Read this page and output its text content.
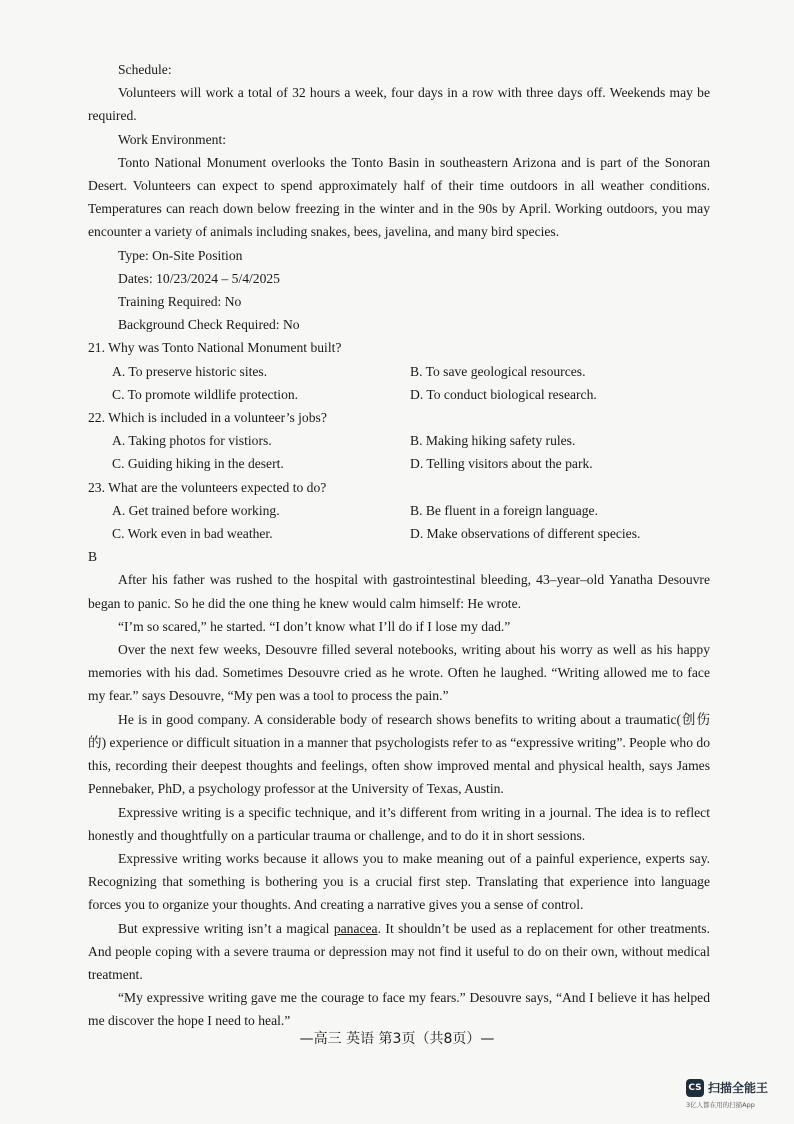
Schedule:

Volunteers will work a total of 32 hours a week, four days in a row with three days off. Weekends may be required.

Work Environment:

Tonto National Monument overlooks the Tonto Basin in southeastern Arizona and is part of the Sonoran Desert. Volunteers can expect to spend approximately half of their time outdoors in all weather conditions. Temperatures can reach down below freezing in the winter and in the 90s by April. Working outdoors, you may encounter a variety of animals including snakes, bees, javelina, and many bird species.

Type: On-Site Position

Dates: 10/23/2024 – 5/4/2025

Training Required: No

Background Check Required: No

21. Why was Tonto National Monument built?

A. To preserve historic sites.	B. To save geological resources.
C. To promote wildlife protection.	D. To conduct biological research.

22. Which is included in a volunteer’s jobs?

A. Taking photos for vistiors.	B. Making hiking safety rules.
C. Guiding hiking in the desert.	D. Telling visitors about the park.

23. What are the volunteers expected to do?

A. Get trained before working.	B. Be fluent in a foreign language.
C. Work even in bad weather.	D. Make observations of different species.

B

After his father was rushed to the hospital with gastrointestinal bleeding, 43–year–old Yanatha Desouvre began to panic. So he did the one thing he knew would calm himself: He wrote.

“I’m so scared,” he started. “I don’t know what I’ll do if I lose my dad.”

Over the next few weeks, Desouvre filled several notebooks, writing about his worry as well as his happy memories with his dad. Sometimes Desouvre cried as he wrote. Often he laughed. “Writing allowed me to face my fear.” says Desouvre, “My pen was a tool to process the pain.”

He is in good company. A considerable body of research shows benefits to writing about a traumatic(创伤的) experience or difficult situation in a manner that psychologists refer to as “expressive writing”. People who do this, recording their deepest thoughts and feelings, often show improved mental and physical health, says James Pennebaker, PhD, a psychology professor at the University of Texas, Austin.

Expressive writing is a specific technique, and it’s different from writing in a journal. The idea is to reflect honestly and thoughtfully on a particular trauma or challenge, and to do it in short sessions.

Expressive writing works because it allows you to make meaning out of a painful experience, experts say. Recognizing that something is bothering you is a crucial first step. Translating that experience into language forces you to organize your thoughts. And creating a narrative gives you a sense of control.

But expressive writing isn’t a magical panacea. It shouldn’t be used as a replacement for other treatments. And people coping with a severe trauma or depression may not find it useful to do on their own, without medical treatment.

“My expressive writing gave me the courage to face my fears.” Desouvre says, “And I believe it has helped me discover the hope I need to heal.”

—高三 英语 第3页（共8页）—
CS 扫描全能王
3亿人都在用的扫描App
